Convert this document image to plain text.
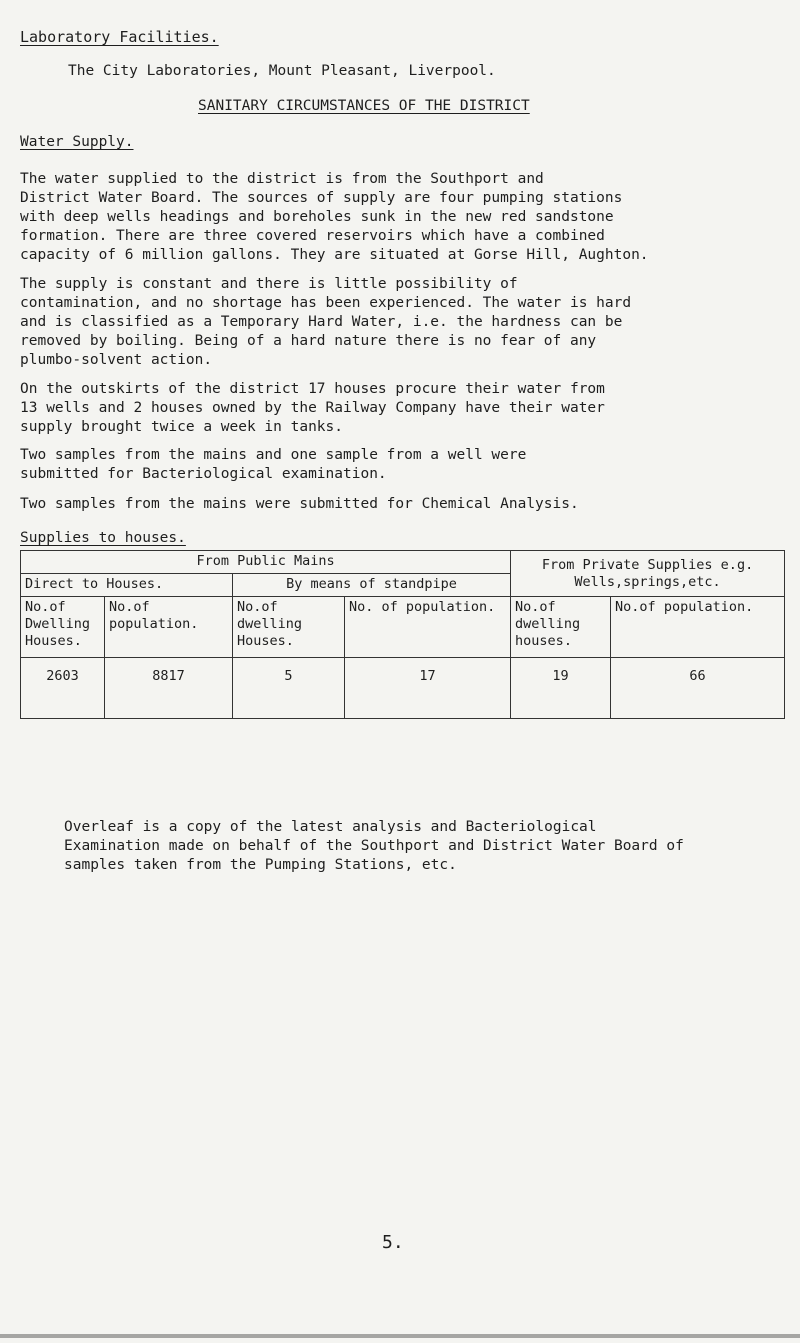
Laboratory Facilities.
The City Laboratories, Mount Pleasant, Liverpool.
SANITARY CIRCUMSTANCES OF THE DISTRICT
Water Supply.
The water supplied to the district is from the Southport and
District Water Board. The sources of supply are four pumping stations
with deep wells headings and boreholes sunk in the new red sandstone
formation. There are three covered reservoirs which have a combined
capacity of 6 million gallons. They are situated at Gorse Hill, Aughton.
The supply is constant and there is little possibility of
contamination, and no shortage has been experienced. The water is hard
and is classified as a Temporary Hard Water, i.e. the hardness can be
removed by boiling. Being of a hard nature there is no fear of any
plumbo-solvent action.
On the outskirts of the district 17 houses procure their water from
13 wells and 2 houses owned by the Railway Company have their water
supply brought twice a week in tanks.
Two samples from the mains and one sample from a well were
submitted for Bacteriological examination.
Two samples from the mains were submitted for Chemical Analysis.
Supplies to houses.
From Public Mains				From Private Supplies e.g. Wells,springs,etc.	
Direct to Houses.		By means of standpipe			
No.of Dwelling Houses.	No.of population.	No.of dwelling Houses.	No. of population.	No.of dwelling houses.	No.of population.
2603	8817	5	17	19	66
Overleaf is a copy of the latest analysis and Bacteriological
Examination made on behalf of the Southport and District Water Board of
samples taken from the Pumping Stations, etc.
5.
